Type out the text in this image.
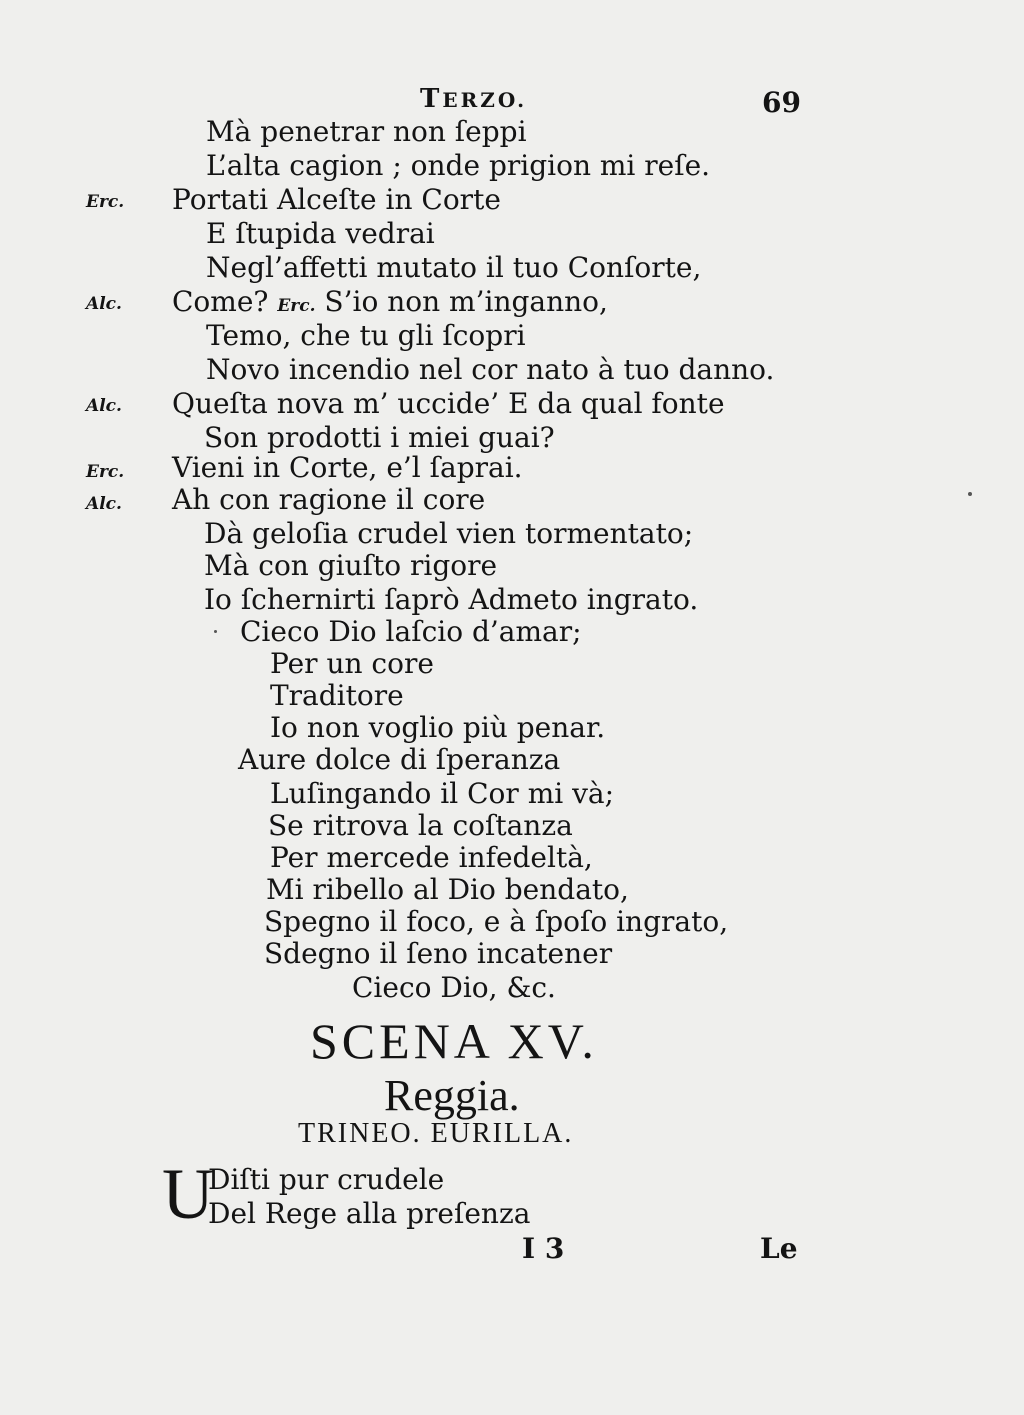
TERZO.	69
Mà penetrar non ſeppi
L’alta cagion ; onde prigion mi reſe.
Erc. Portati Alceſte in Corte
E ſtupida vedrai
Negl’affetti mutato il tuo Conſorte,
Alc. Come? Erc. S’io non m’inganno,
Temo, che tu gli ſcopri
Novo incendio nel cor nato à tuo danno.
Alc. Queſta nova m’ uccide’ E da qual fonte
Son prodotti i miei guai?
Erc. Vieni in Corte, e’l ſaprai.
Alc. Ah con ragione il core
Dà geloſia crudel vien tormentato;
Mà con giuſto rigore
Io ſchernirti ſaprò Admeto ingrato.
Cieco Dio laſcio d’amar;
Per un core
Traditore
Io non voglio più penar.
Aure dolce di ſperanza
Luſingando il Cor mi và;
Se ritrova la coſtanza
Per mercede infedeltà,
Mi ribello al Dio bendato,
Spegno il foco, e à ſpoſo ingrato,
Sdegno il ſeno incatener
Cieco Dio, &c.
SCENA XV.
Reggia.
TRINEO. EURILLA.
U
Diſti pur crudele
Del Rege alla preſenza
I 3	Le
